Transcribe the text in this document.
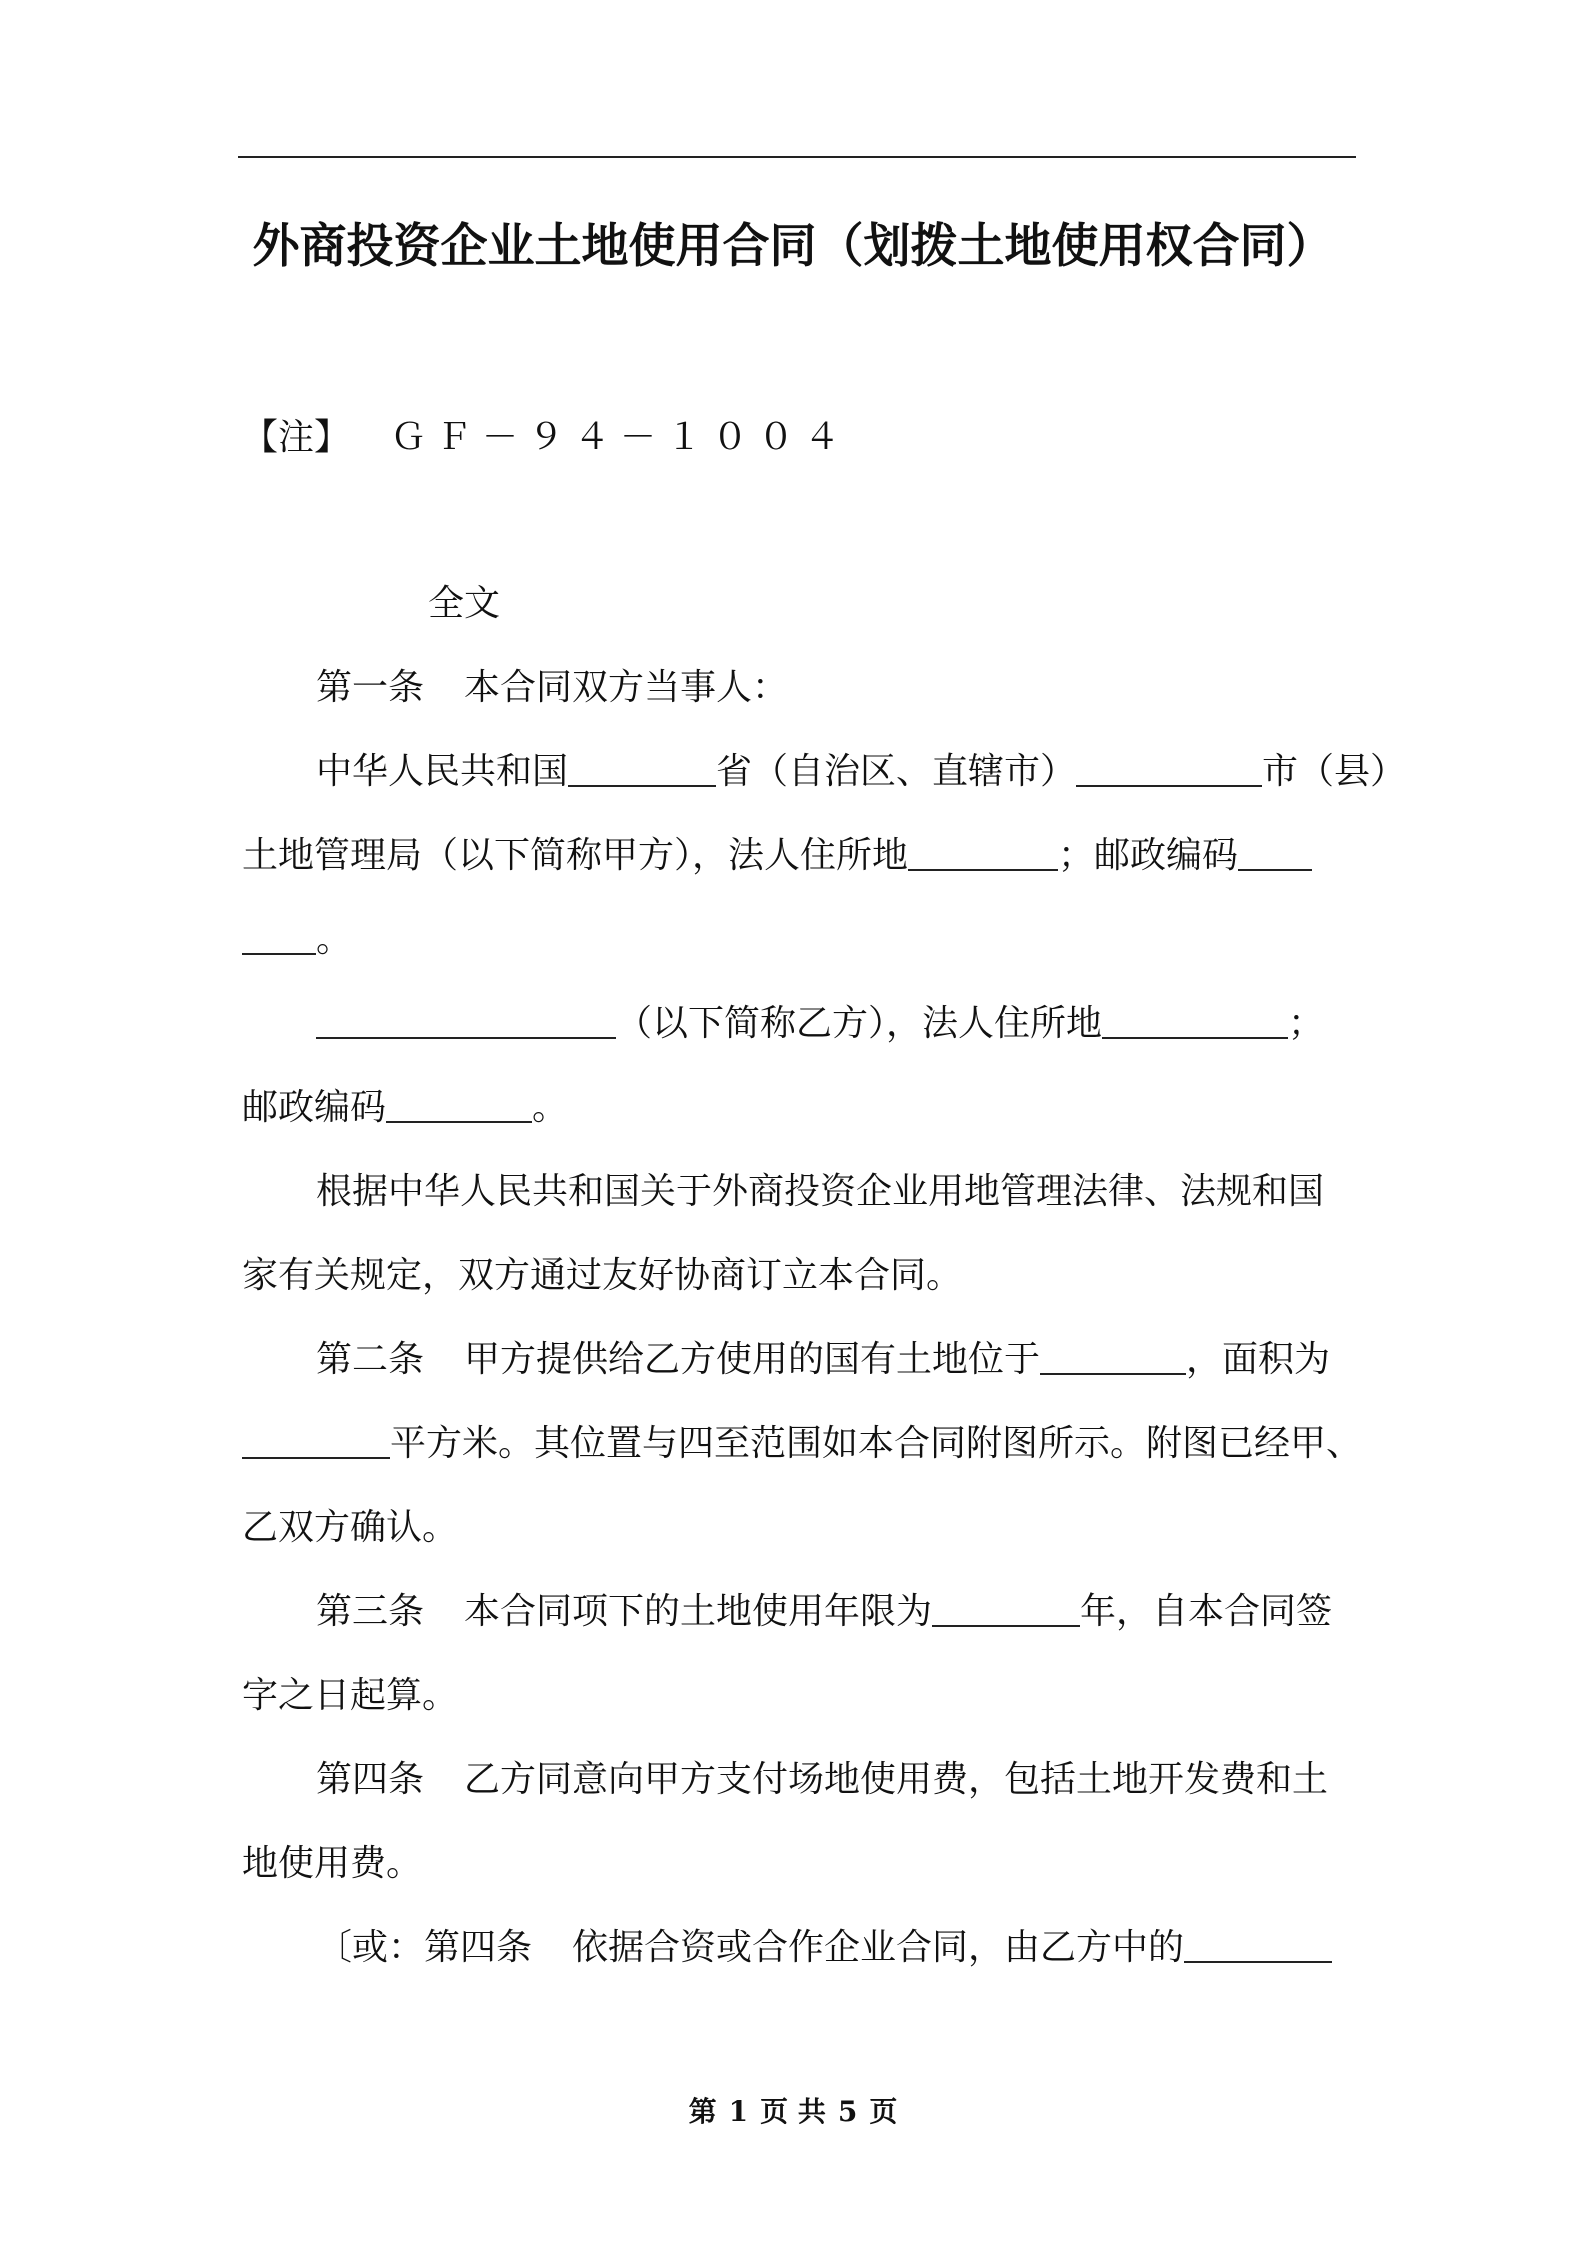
外商投资企业土地使用合同（划拨土地使用权合同）

【注】 ＧＦ－９４－１００４

全文

第一条 本合同双方当事人：

中华人民共和国	省（自治区、直辖市）	市（县）

土地管理局（以下简称甲方），法人住所地	；邮政编码

。

（以下简称乙方），法人住所地	；

邮政编码	。

根据中华人民共和国关于外商投资企业用地管理法律、法规和国

家有关规定，双方通过友好协商订立本合同。

第二条 甲方提供给乙方使用的国有土地位于	，面积为

平方米。其位置与四至范围如本合同附图所示。附图已经甲、

乙双方确认。

第三条 本合同项下的土地使用年限为	年，自本合同签

字之日起算。

第四条 乙方同意向甲方支付场地使用费，包括土地开发费和土

地使用费。

〔或：第四条 依据合资或合作企业合同，由乙方中的

第 1 页 共 5 页
